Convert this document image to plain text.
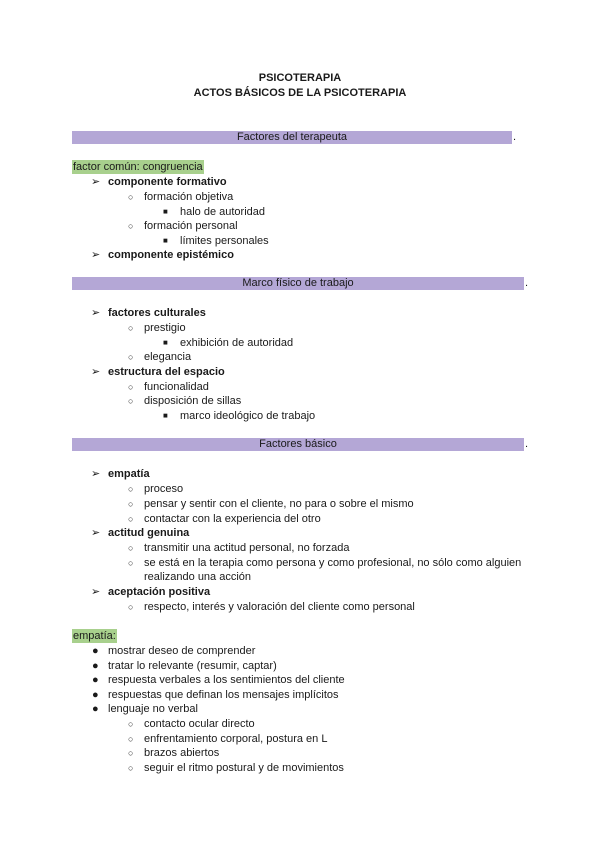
PSICOTERAPIA
ACTOS BÁSICOS DE LA PSICOTERAPIA
Factores del terapeuta	.
factor común: congruencia
➢ componente formativo
○ formación objetiva
■ halo de autoridad
○ formación personal
■ límites personales
➢ componente epistémico
Marco físico de trabajo	.
➢ factores culturales
○ prestigio
■ exhibición de autoridad
○ elegancia
➢ estructura del espacio
○ funcionalidad
○ disposición de sillas
■ marco ideológico de trabajo
Factores básico	.
➢ empatía
○ proceso
○ pensar y sentir con el cliente, no para o sobre el mismo
○ contactar con la experiencia del otro
➢ actitud genuina
○ transmitir una actitud personal, no forzada
○ se está en la terapia como persona y como profesional, no sólo como alguien
realizando una acción
➢ aceptación positiva
○ respecto, interés y valoración del cliente como personal
empatía:
● mostrar deseo de comprender
● tratar lo relevante (resumir, captar)
● respuesta verbales a los sentimientos del cliente
● respuestas que definan los mensajes implícitos
● lenguaje no verbal
○ contacto ocular directo
○ enfrentamiento corporal, postura en L
○ brazos abiertos
○ seguir el ritmo postural y de movimientos
